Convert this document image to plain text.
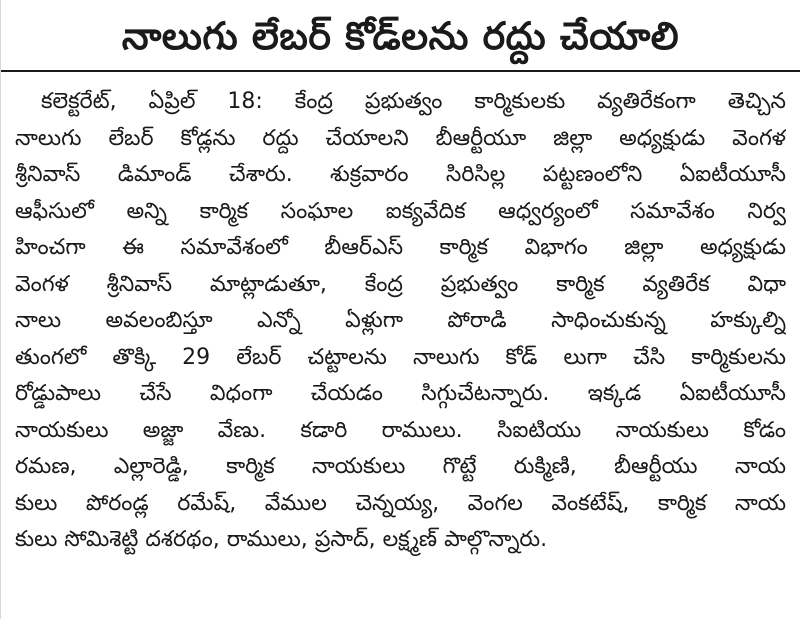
నాలుగు లేబర్ కోడ్‌లను రద్దు చేయాలి
కలెక్టరేట్, ఏప్రిల్ 18: కేంద్ర ప్రభుత్వం కార్మికులకు వ్యతిరేకంగా తెచ్చిన
నాలుగు లేబర్ కోడ్లను రద్దు చేయాలని బీఆర్టీయూ జిల్లా అధ్యక్షుడు వెంగళ
శ్రీనివాస్ డిమాండ్ చేశారు. శుక్రవారం సిరిసిల్ల పట్టణంలోని ఏఐటీయూసీ
ఆఫీసులో అన్ని కార్మిక సంఘాల ఐక్యవేదిక ఆధ్వర్యంలో సమావేశం నిర్వ
హించగా ఈ సమావేశంలో బీఆర్ఎస్ కార్మిక విభాగం జిల్లా అధ్యక్షుడు
వెంగళ శ్రీనివాస్ మాట్లాడుతూ, కేంద్ర ప్రభుత్వం కార్మిక వ్యతిరేక విధా
నాలు అవలంబిస్తూ ఎన్నో ఏళ్లుగా పోరాడి సాధించుకున్న హక్కుల్ని
తుంగలో తొక్కి 29 లేబర్ చట్టాలను నాలుగు కోడ్ లుగా చేసి కార్మికులను
రోడ్డుపాలు చేసే విధంగా చేయడం సిగ్గుచేటన్నారు. ఇక్కడ ఏఐటీయూసీ
నాయకులు అజ్జా వేణు. కడారి రాములు. సిఐటియు నాయకులు కోడం
రమణ, ఎల్లారెడ్డి, కార్మిక నాయకులు గొట్టే రుక్మిణి, బీఆర్టీయు నాయ
కులు పోరండ్ల రమేష్, వేముల చెన్నయ్య, వెంగల వెంకటేష్, కార్మిక నాయ
కులు సోమిశెట్టి దశరథం, రాములు, ప్రసాద్, లక్ష్మణ్ పాల్గొన్నారు.
